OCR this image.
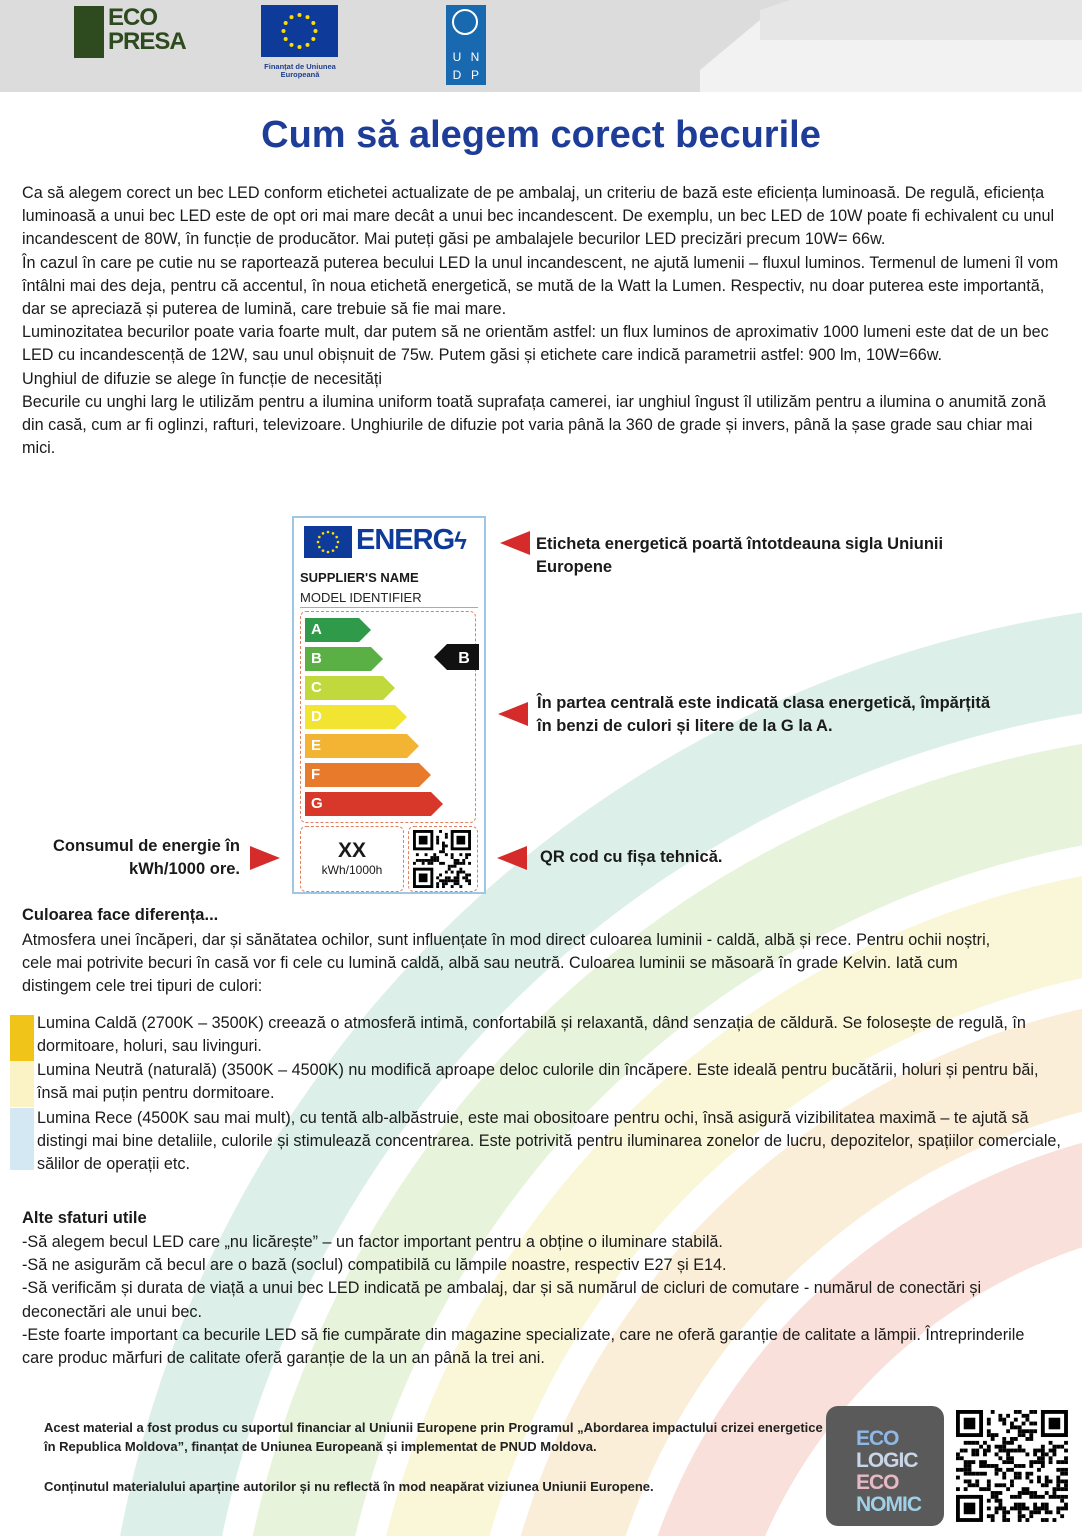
ECO
PRESA
Finanțat de Uniunea Europeană
U N
D P
Cum să alegem corect becurile

Ca să alegem corect un bec LED conform etichetei actualizate de pe ambalaj, un criteriu de bază este eficiența luminoasă. De regulă, eficiența luminoasă a unui bec LED este de opt ori mai mare decât a unui bec incandescent. De exemplu, un bec LED de 10W poate fi echivalent cu unul incandescent de 80W, în funcție de producător. Mai puteți găsi pe ambalajele becurilor LED precizări precum 10W= 66w.

În cazul în care pe cutie nu se raportează puterea becului LED la unul incandescent, ne ajută lumenii – fluxul luminos. Termenul de lumeni îl vom întâlni mai des deja, pentru că accentul, în noua etichetă energetică, se mută de la Watt la Lumen. Respectiv, nu doar puterea este importantă, dar se apreciază și puterea de lumină, care trebuie să fie mai mare.

Luminozitatea becurilor poate varia foarte mult, dar putem să ne orientăm astfel: un flux luminos de aproximativ 1000 lumeni este dat de un bec LED cu incandescență de 12W, sau unul obișnuit de 75w. Putem găsi și etichete care indică parametrii astfel: 900 lm, 10W=66w.

Unghiul de difuzie se alege în funcție de necesități

Becurile cu unghi larg le utilizăm pentru a ilumina uniform toată suprafața camerei, iar unghiul îngust îl utilizăm pentru a ilumina o anumită zonă din casă, cum ar fi oglinzi, rafturi, televizoare. Unghiurile de difuzie pot varia până la 360 de grade și invers, până la șase grade sau chiar mai mici.

ENERGϟ
SUPPLIER'S NAME
MODEL IDENTIFIER
A
B
C
D
E
F
G
B
XX
kWh/1000h
Eticheta energetică poartă întotdeauna sigla Uniunii Europene
În partea centrală este indicată clasa energetică, împărțită în benzi de culori și litere de la G la A.
Consumul de energie în kWh/1000 ore.
QR cod cu fișa tehnică.
Culoarea face diferența...
Atmosfera unei încăperi, dar și sănătatea ochilor, sunt influențate în mod direct culoarea luminii - caldă, albă și rece. Pentru ochii noștri, cele mai potrivite becuri în casă vor fi cele cu lumină caldă, albă sau neutră. Culoarea luminii se măsoară în grade Kelvin. Iată cum distingem cele trei tipuri de culori:
Lumina Caldă (2700K – 3500K) creează o atmosferă intimă, confortabilă și relaxantă, dând senzația de căldură. Se folosește de regulă, în dormitoare, holuri, sau livinguri.
Lumina Neutră (naturală) (3500K – 4500K) nu modifică aproape deloc culorile din încăpere. Este ideală pentru bucătării, holuri și pentru băi, însă mai puțin pentru dormitoare.
Lumina Rece (4500K sau mai mult), cu tentă alb-albăstruie, este mai obositoare pentru ochi, însă asigură vizibilitatea maximă – te ajută să distingi mai bine detaliile, culorile și stimulează concentrarea. Este potrivită pentru iluminarea zonelor de lucru, depozitelor, spațiilor comerciale, sălilor de operații etc.
Alte sfaturi utile

-Să alegem becul LED care „nu licărește” – un factor important pentru a obține o iluminare stabilă.

-Să ne asigurăm că becul are o bază (soclul) compatibilă cu lămpile noastre, respectiv E27 și E14.

-Să verificăm și durata de viață a unui bec LED indicată pe ambalaj, dar și să numărul de cicluri de comutare - numărul de conectări și deconectări ale unui bec.

-Este foarte important ca becurile LED să fie cumpărate din magazine specializate, care ne oferă garanție de calitate a lămpii. Întreprinderile care produc mărfuri de calitate oferă garanție de la un an până la trei ani.

Acest material a fost produs cu suportul financiar al Uniunii Europene prin Programul „Abordarea impactului crizei energetice în Republica Moldova”, finanțat de Uniunea Europeană și implementat de PNUD Moldova.
Conținutul materialului aparține autorilor și nu reflectă în mod neapărat viziunea Uniunii Europene.
ECO
LOGIC
ECO
NOMIC
